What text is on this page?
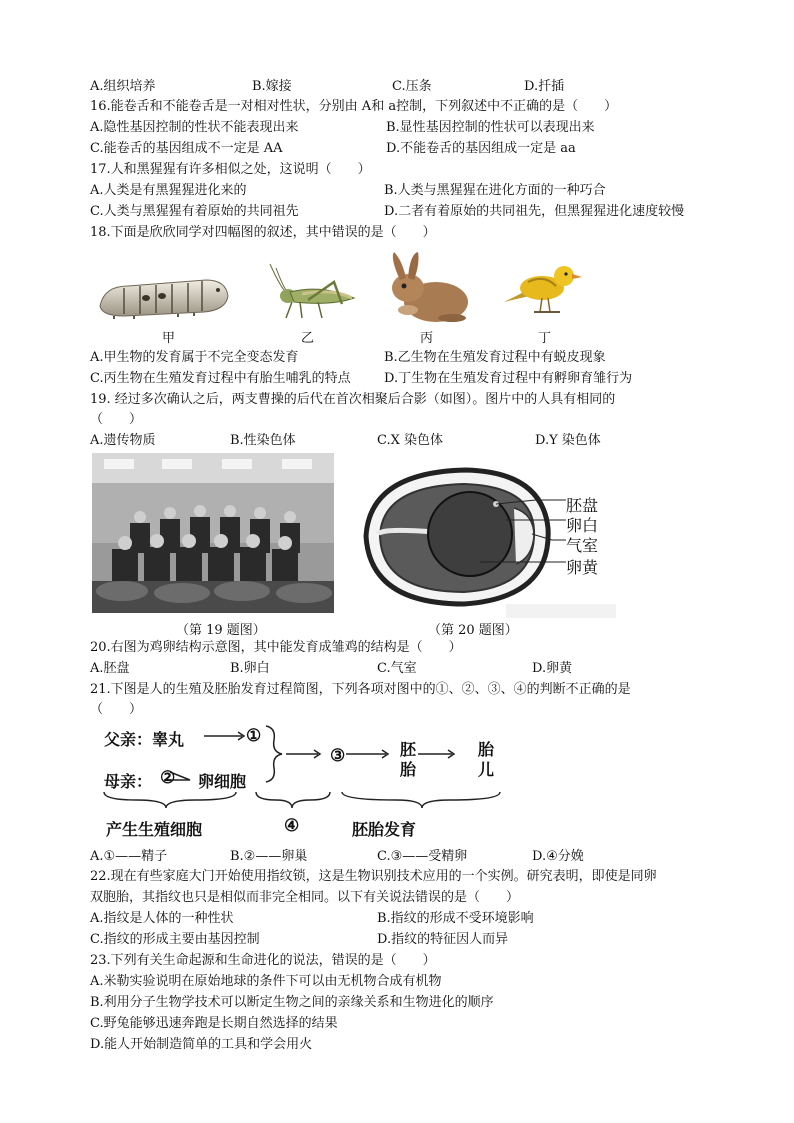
A.组织培养	B.嫁接	C.压条	D.扦插
16.能卷舌和不能卷舌是一对相对性状，分别由 A和 a控制，下列叙述中不正确的是（　　）
A.隐性基因控制的性状不能表现出来	B.显性基因控制的性状可以表现出来
C.能卷舌的基因组成不一定是 AA	D.不能卷舌的基因组成一定是 aa
17.人和黑猩猩有许多相似之处，这说明（　　）
A.人类是有黑猩猩进化来的	B.人类与黑猩猩在进化方面的一种巧合
C.人类与黑猩猩有着原始的共同祖先	D.二者有着原始的共同祖先，但黑猩猩进化速度较慢
18.下面是欣欣同学对四幅图的叙述，其中错误的是（　　）
甲	乙	丙	丁
A.甲生物的发育属于不完全变态发育	B.乙生物在生殖发育过程中有蜕皮现象
C.丙生物在生殖发育过程中有胎生哺乳的特点	D.丁生物在生殖发育过程中有孵卵育雏行为
19. 经过多次确认之后，两支曹操的后代在首次相聚后合影（如图）。图片中的人具有相同的
（　　）
A.遗传物质	B.性染色体	C.X 染色体	D.Y 染色体
胚盘
卵白
气室
卵黄
（第 19 题图）	（第 20 题图）
20.右图为鸡卵结构示意图，其中能发育成雏鸡的结构是（　　）
A.胚盘	B.卵白	C.气室	D.卵黄
21.下图是人的生殖及胚胎发育过程简图，下列各项对图中的①、②、③、④的判断不正确的是
（　　）
父亲：睾丸	①
母亲： ② 卵细胞
③	胚胎
胎儿
产生生殖细胞	④	胚胎发育
A.①——精子	B.②——卵巢	C.③——受精卵	D.④分娩
22.现在有些家庭大门开始使用指纹锁，这是生物识别技术应用的一个实例。研究表明，即使是同卵
双胞胎，其指纹也只是相似而非完全相同。以下有关说法错误的是（　　）
A.指纹是人体的一种性状	B.指纹的形成不受环境影响
C.指纹的形成主要由基因控制	D.指纹的特征因人而异
23.下列有关生命起源和生命进化的说法，错误的是（　　）
A.米勒实验说明在原始地球的条件下可以由无机物合成有机物
B.利用分子生物学技术可以断定生物之间的亲缘关系和生物进化的顺序
C.野兔能够迅速奔跑是长期自然选择的结果
D.能人开始制造简单的工具和学会用火
